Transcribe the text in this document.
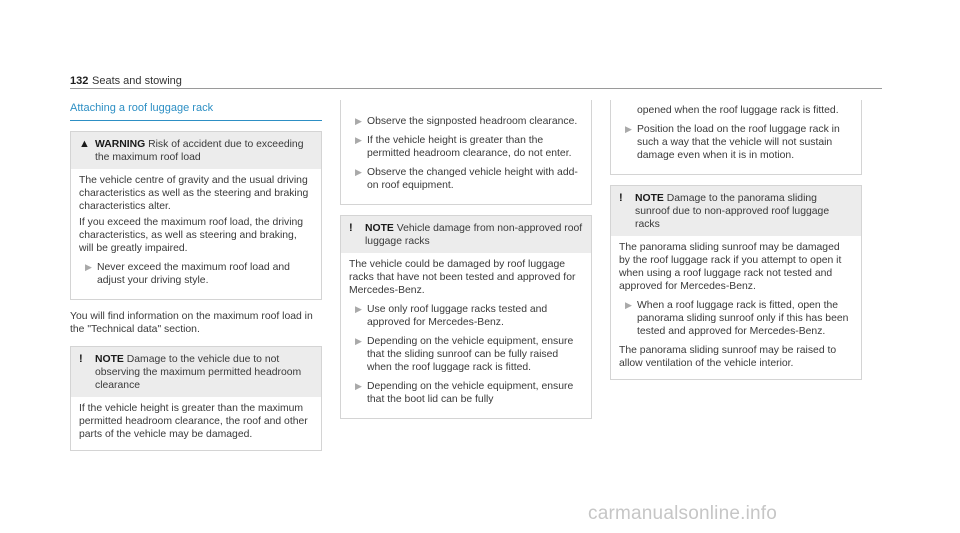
132 Seats and stowing
Attaching a roof luggage rack
▲ WARNING Risk of accident due to exceeding the maximum roof load

The vehicle centre of gravity and the usual driving characteristics as well as the steering and braking characteristics alter.

If you exceed the maximum roof load, the driving characteristics, as well as steering and braking, will be greatly impaired.

▶ Never exceed the maximum roof load and adjust your driving style.

You will find information on the maximum roof load in the "Technical data" section.

!	NOTE Damage to the vehicle due to not observing the maximum permitted headroom clearance

If the vehicle height is greater than the maximum permitted headroom clearance, the roof and other parts of the vehicle may be damaged.

▶ Observe the signposted headroom clearance.
▶ If the vehicle height is greater than the permitted headroom clearance, do not enter.
▶ Observe the changed vehicle height with add-on roof equipment.
!	NOTE Vehicle damage from non-approved roof luggage racks

The vehicle could be damaged by roof luggage racks that have not been tested and approved for Mercedes-Benz.

▶ Use only roof luggage racks tested and approved for Mercedes-Benz.
▶ Depending on the vehicle equipment, ensure that the sliding sunroof can be fully raised when the roof luggage rack is fitted.
▶ Depending on the vehicle equipment, ensure that the boot lid can be fully
opened when the roof luggage rack is fitted.
▶ Position the load on the roof luggage rack in such a way that the vehicle will not sustain damage even when it is in motion.
!	NOTE Damage to the panorama sliding sunroof due to non-approved roof luggage racks

The panorama sliding sunroof may be damaged by the roof luggage rack if you attempt to open it when using a roof luggage rack not tested and approved for Mercedes-Benz.

▶ When a roof luggage rack is fitted, open the panorama sliding sunroof only if this has been tested and approved for Mercedes-Benz.

The panorama sliding sunroof may be raised to allow ventilation of the vehicle interior.

carmanualsonline.info
